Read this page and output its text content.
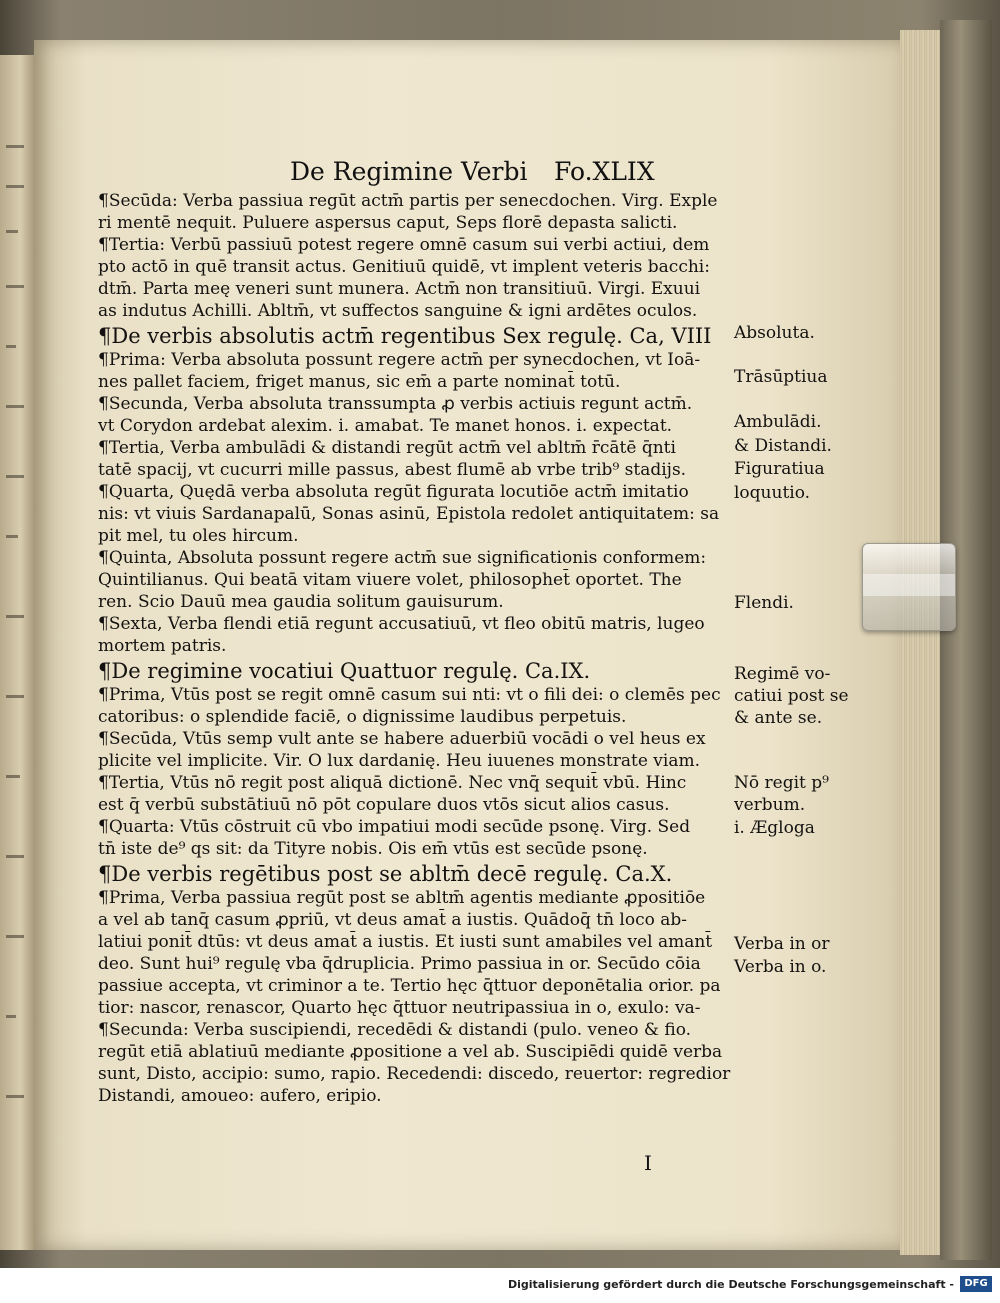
De Regimine Verbi Fo.XLIX
¶Secūda: Verba passiua regūt actm̄ partis per senecdochen. Virg. Exple
ri mentē nequit. Puluere aspersus caput, Seps florē depasta salicti.
¶Tertia: Verbū passiuū potest regere omnē casum sui verbi actiui, dem
pto actō in quē transit actus. Genitiuū quidē, vt implent veteris bacchi:
dtm̄. Parta meę veneri sunt munera. Actm̄ non transitiuū. Virgi. Exuui
as indutus Achilli. Abltm̄, vt suffectos sanguine & igni ardētes oculos.
¶De verbis absolutis actm̄ regentibus Sex regulę. Ca, VIII
¶Prima: Verba absoluta possunt regere actm̄ per synecdochen, vt Ioā-
nes pallet faciem, friget manus, sic em̄ a parte nominat̄ totū.
¶Secunda, Verba absoluta transsumpta ꝓ verbis actiuis regunt actm̄.
vt Corydon ardebat alexim. i. amabat. Te manet honos. i. expectat.
¶Tertia, Verba ambulādi & distandi regūt actm̄ vel abltm̄ r̄cātē q̄nti
tatē spacij, vt cucurri mille passus, abest flumē ab vrbe trib⁹ stadijs.
¶Quarta, Quędā verba absoluta regūt figurata locutiōe actm̄ imitatio
nis: vt viuis Sardanapalū, Sonas asinū, Epistola redolet antiquitatem: sa
pit mel, tu oles hircum.
¶Quinta, Absoluta possunt regere actm̄ sue significationis conformem:
Quintilianus. Qui beatā vitam viuere volet, philosophet̄ oportet. The
ren. Scio Dauū mea gaudia solitum gauisurum.
¶Sexta, Verba flendi etiā regunt accusatiuū, vt fleo obitū matris, lugeo
mortem patris.
¶De regimine vocatiui Quattuor regulę. Ca.IX.
¶Prima, Vtūs post se regit omnē casum sui nti: vt o fili dei: o clemēs pec
catoribus: o splendide faciē, o dignissime laudibus perpetuis.
¶Secūda, Vtūs semp vult ante se habere aduerbiū vocādi o vel heus ex
plicite vel implicite. Vir. O lux dardanię. Heu iuuenes monstrate viam.
¶Tertia, Vtūs nō regit post aliquā dictionē. Nec vnq̄ sequit̄ vbū. Hinc
est q̄ verbū substātiuū nō pōt copulare duos vtōs sicut alios casus.
¶Quarta: Vtūs cōstruit cū vbo impatiui modi secūde psonę. Virg. Sed
tn̄ iste de⁹ qs sit: da Tityre nobis. Ois em̄ vtūs est secūde psonę.
¶De verbis regētibus post se abltm̄ decē regulę. Ca.X.
¶Prima, Verba passiua regūt post se abltm̄ agentis mediante ꝓpositiōe
a vel ab tanq̄ casum ꝓpriū, vt deus amat̄ a iustis. Quādoq̄ tn̄ loco ab-
latiui ponit̄ dtūs: vt deus amat̄ a iustis. Et iusti sunt amabiles vel amant̄
deo. Sunt hui⁹ regulę vba q̄druplicia. Primo passiua in or. Secūdo cōia
passiue accepta, vt criminor a te. Tertio hęc q̄ttuor deponētalia orior. pa
tior: nascor, renascor, Quarto hęc q̄ttuor neutripassiua in o, exulo: va-
¶Secunda: Verba suscipiendi, recedēdi & distandi (pulo. veneo & fio.
regūt etiā ablatiuū mediante ꝓpositione a vel ab. Suscipiēdi quidē verba
sunt, Disto, accipio: sumo, rapio. Recedendi: discedo, reuertor: regredior
Distandi, amoueo: aufero, eripio.
Absoluta.
Trāsūptiua
Ambulādi.
& Distandi.
Figuratiua
loquutio.
Flendi.
Regimē vo-
catiui post se
& ante se.
Nō regit p⁹
verbum.
i. Ægloga
Verba in or
Verba in o.
I
Digitalisierung gefördert durch die Deutsche Forschungsgemeinschaft -	DFG
